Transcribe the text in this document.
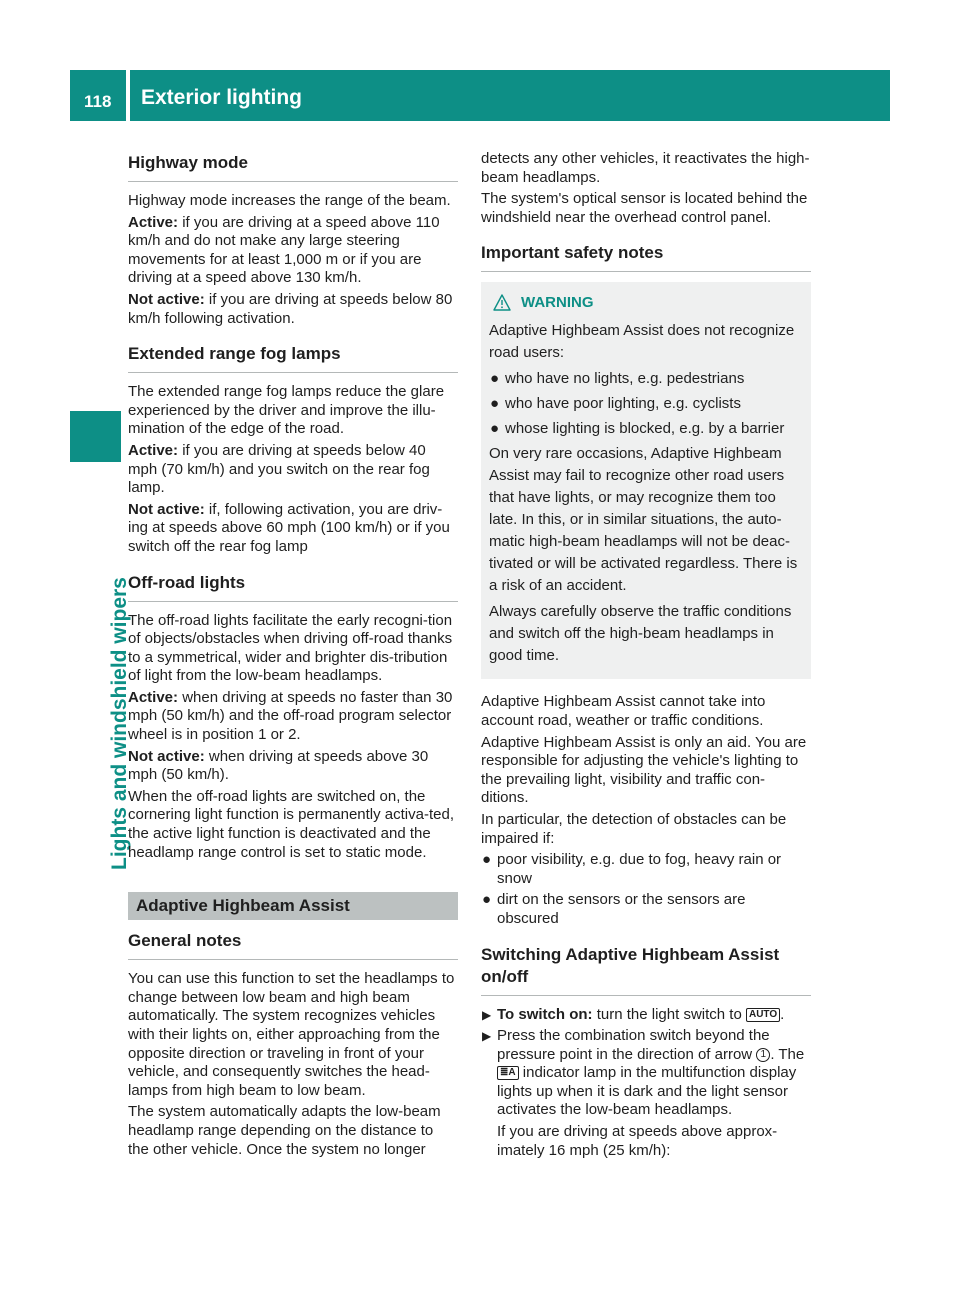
118 Exterior lighting
Lights and windshield wipers
Highway mode

Highway mode increases the range of the beam.

Active: if you are driving at a speed above 110 km/h and do not make any large steering movements for at least 1,000 m or if you are driving at a speed above 130 km/h.

Not active: if you are driving at speeds below 80 km/h following activation.

Extended range fog lamps

The extended range fog lamps reduce the glare experienced by the driver and improve the illu-mination of the edge of the road.

Active: if you are driving at speeds below 40 mph (70 km/h) and you switch on the rear fog lamp.

Not active: if, following activation, you are driv-ing at speeds above 60 mph (100 km/h) or if you switch off the rear fog lamp

Off-road lights

The off-road lights facilitate the early recogni-tion of objects/obstacles when driving off-road thanks to a symmetrical, wider and brighter dis-tribution of light from the low-beam headlamps.

Active: when driving at speeds no faster than 30 mph (50 km/h) and the off-road program selector wheel is in position 1 or 2.

Not active: when driving at speeds above 30 mph (50 km/h).

When the off-road lights are switched on, the cornering light function is permanently activa-ted, the active light function is deactivated and the headlamp range control is set to static mode.

Adaptive Highbeam Assist
General notes

You can use this function to set the headlamps to change between low beam and high beam automatically. The system recognizes vehicles with their lights on, either approaching from the opposite direction or traveling in front of your vehicle, and consequently switches the head-lamps from high beam to low beam.

The system automatically adapts the low-beam headlamp range depending on the distance to the other vehicle. Once the system no longer

detects any other vehicles, it reactivates the high-beam headlamps.

The system's optical sensor is located behind the windshield near the overhead control panel.

Important safety notes
WARNING

Adaptive Highbeam Assist does not recognize road users:

● who have no lights, e.g. pedestrians
● who have poor lighting, e.g. cyclists
● whose lighting is blocked, e.g. by a barrier

On very rare occasions, Adaptive Highbeam Assist may fail to recognize other road users that have lights, or may recognize them too late. In this, or in similar situations, the auto-matic high-beam headlamps will not be deac-tivated or will be activated regardless. There is a risk of an accident.

Always carefully observe the traffic conditions and switch off the high-beam headlamps in good time.

Adaptive Highbeam Assist cannot take into account road, weather or traffic conditions.

Adaptive Highbeam Assist is only an aid. You are responsible for adjusting the vehicle's lighting to the prevailing light, visibility and traffic con-ditions.

In particular, the detection of obstacles can be impaired if:

● poor visibility, e.g. due to fog, heavy rain or snow
● dirt on the sensors or the sensors are obscured
Switching Adaptive Highbeam Assist on/off
▶ To switch on: turn the light switch to AUTO .
▶ Press the combination switch beyond the pressure point in the direction of arrow 1 . The ≣A indicator lamp in the multifunction display lights up when it is dark and the light sensor activates the low-beam headlamps.

If you are driving at speeds above approx-imately 16 mph (25 km/h):
